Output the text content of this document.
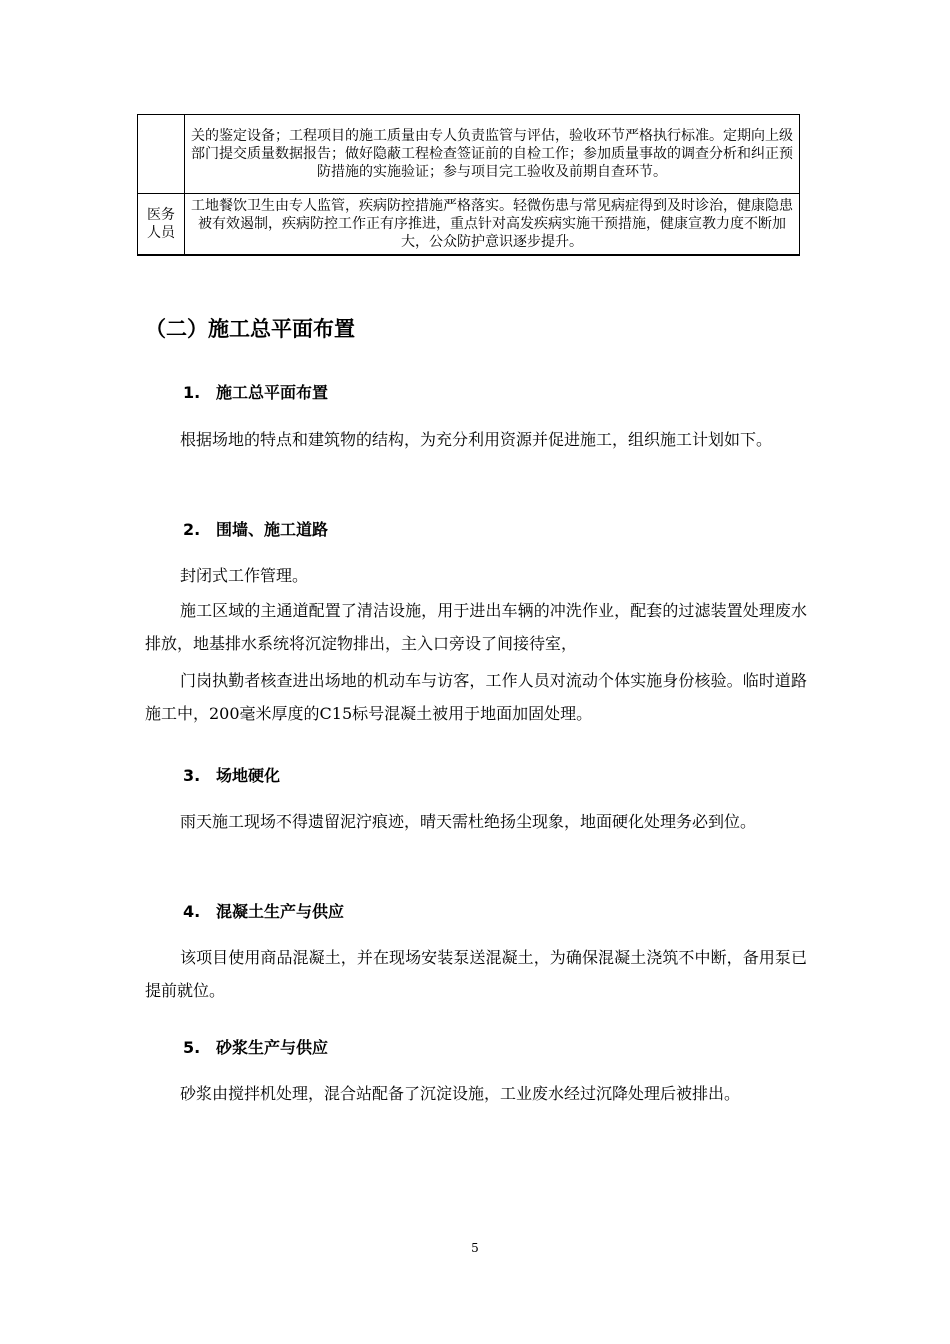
	关的鉴定设备；工程项目的施工质量由专人负责监管与评估，验收环节严格执行标准。定期向上级部门提交质量数据报告；做好隐蔽工程检查签证前的自检工作；参加质量事故的调查分析和纠正预防措施的实施验证；参与项目完工验收及前期自查环节。
医务人员	工地餐饮卫生由专人监管，疾病防控措施严格落实。轻微伤患与常见病症得到及时诊治，健康隐患被有效遏制，疾病防控工作正有序推进，重点针对高发疾病实施干预措施，健康宣教力度不断加大，公众防护意识逐步提升。
（二）施工总平面布置
1. 施工总平面布置
根据场地的特点和建筑物的结构，为充分利用资源并促进施工，组织施工计划如下。
2. 围墙、施工道路
封闭式工作管理。
施工区域的主通道配置了清洁设施，用于进出车辆的冲洗作业，配套的过滤装置处理废水排放，地基排水系统将沉淀物排出，主入口旁设了间接待室，
门岗执勤者核查进出场地的机动车与访客，工作人员对流动个体实施身份核验。临时道路施工中，200毫米厚度的C15标号混凝土被用于地面加固处理。
3. 场地硬化
雨天施工现场不得遗留泥泞痕迹，晴天需杜绝扬尘现象，地面硬化处理务必到位。
4. 混凝土生产与供应
该项目使用商品混凝土，并在现场安装泵送混凝土，为确保混凝土浇筑不中断，备用泵已提前就位。
5. 砂浆生产与供应
砂浆由搅拌机处理，混合站配备了沉淀设施，工业废水经过沉降处理后被排出。
5
